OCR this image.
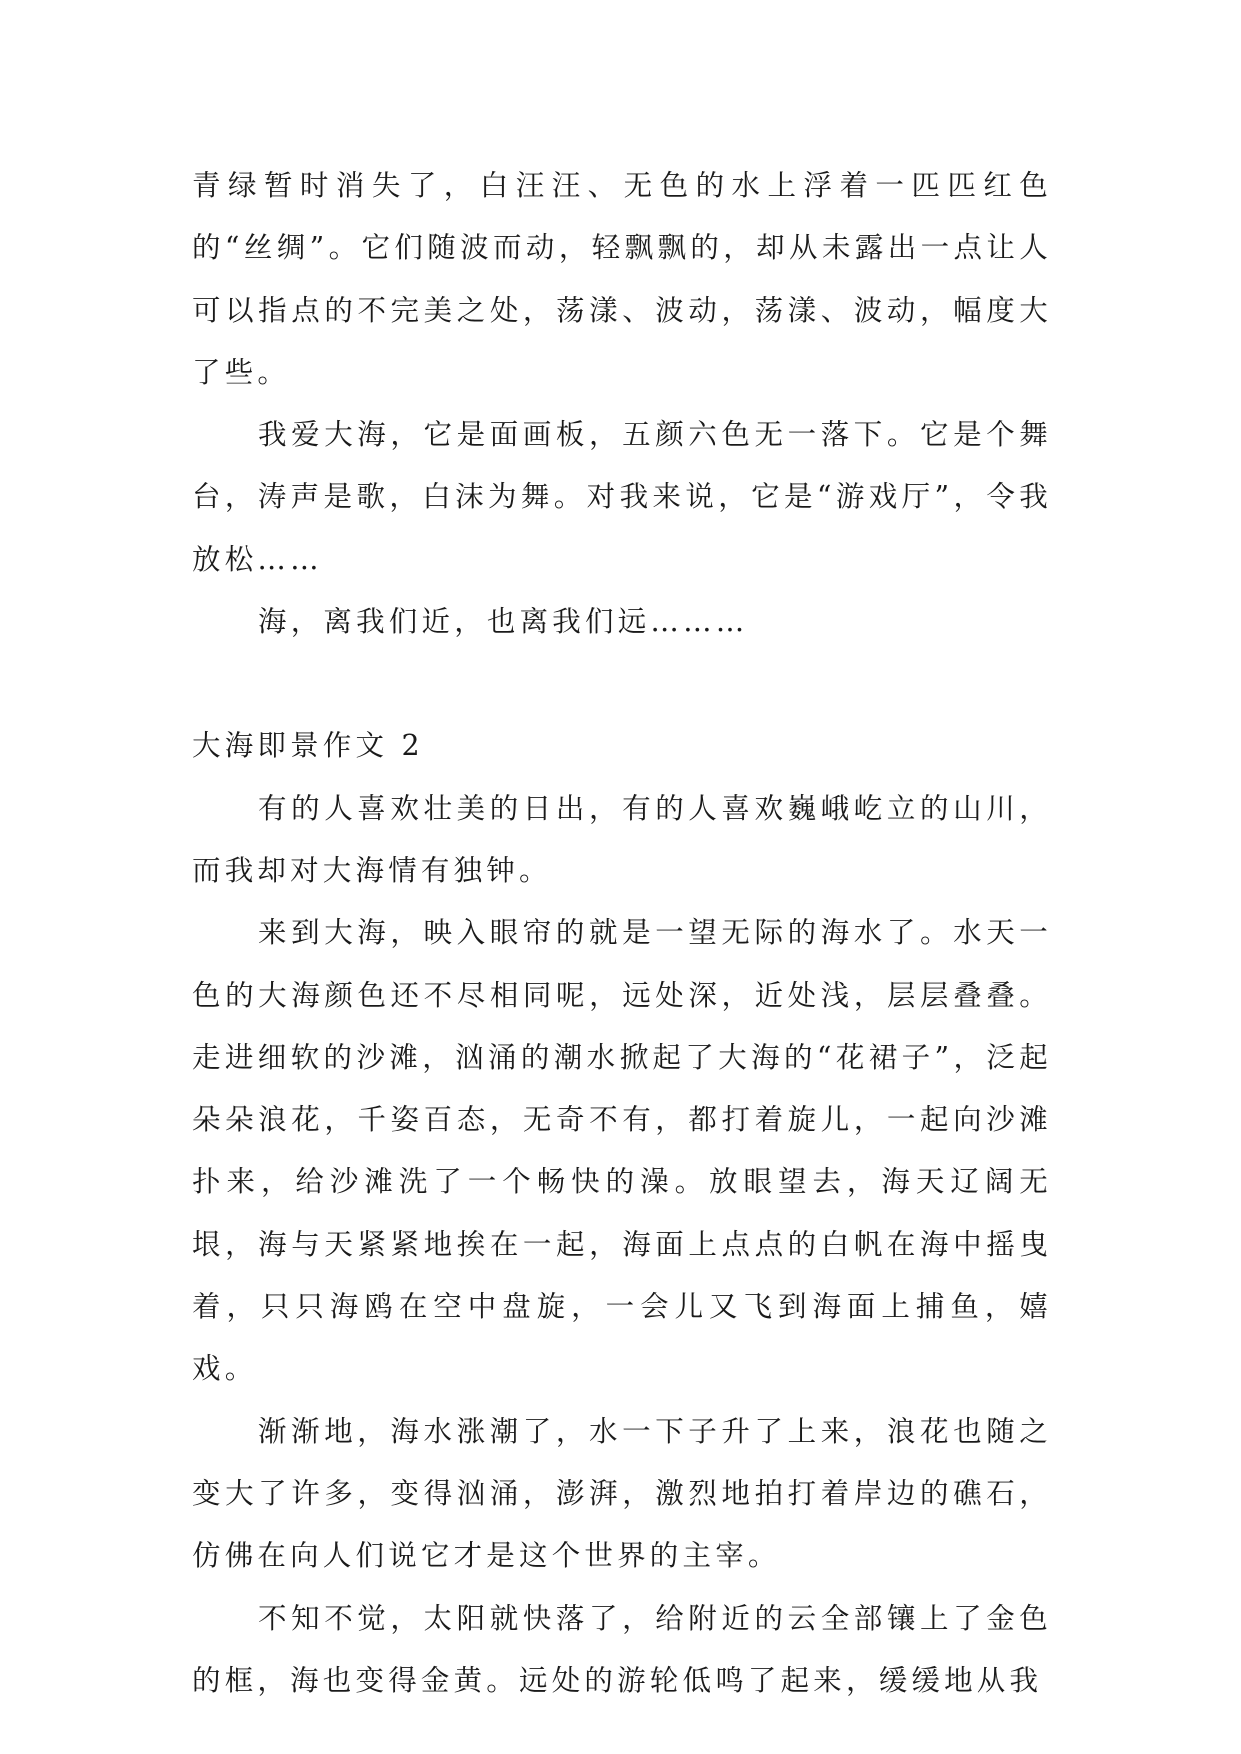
青绿暂时消失了，白汪汪、无色的水上浮着一匹匹红色的“丝绸”。它们随波而动，轻飘飘的，却从未露出一点让人可以指点的不完美之处，荡漾、波动，荡漾、波动，幅度大了些。

我爱大海，它是面画板，五颜六色无一落下。它是个舞台，涛声是歌，白沫为舞。对我来说，它是“游戏厅”，令我放松……

海，离我们近，也离我们远………

大海即景作文 2

有的人喜欢壮美的日出，有的人喜欢巍峨屹立的山川，而我却对大海情有独钟。

来到大海，映入眼帘的就是一望无际的海水了。水天一色的大海颜色还不尽相同呢，远处深，近处浅，层层叠叠。走进细软的沙滩，汹涌的潮水掀起了大海的“花裙子”，泛起朵朵浪花，千姿百态，无奇不有，都打着旋儿，一起向沙滩扑来，给沙滩洗了一个畅快的澡。放眼望去，海天辽阔无垠，海与天紧紧地挨在一起，海面上点点的白帆在海中摇曳着，只只海鸥在空中盘旋，一会儿又飞到海面上捕鱼，嬉戏。

渐渐地，海水涨潮了，水一下子升了上来，浪花也随之变大了许多，变得汹涌，澎湃，激烈地拍打着岸边的礁石，仿佛在向人们说它才是这个世界的主宰。

不知不觉，太阳就快落了，给附近的云全部镶上了金色的框，海也变得金黄。远处的游轮低鸣了起来，缓缓地从我
